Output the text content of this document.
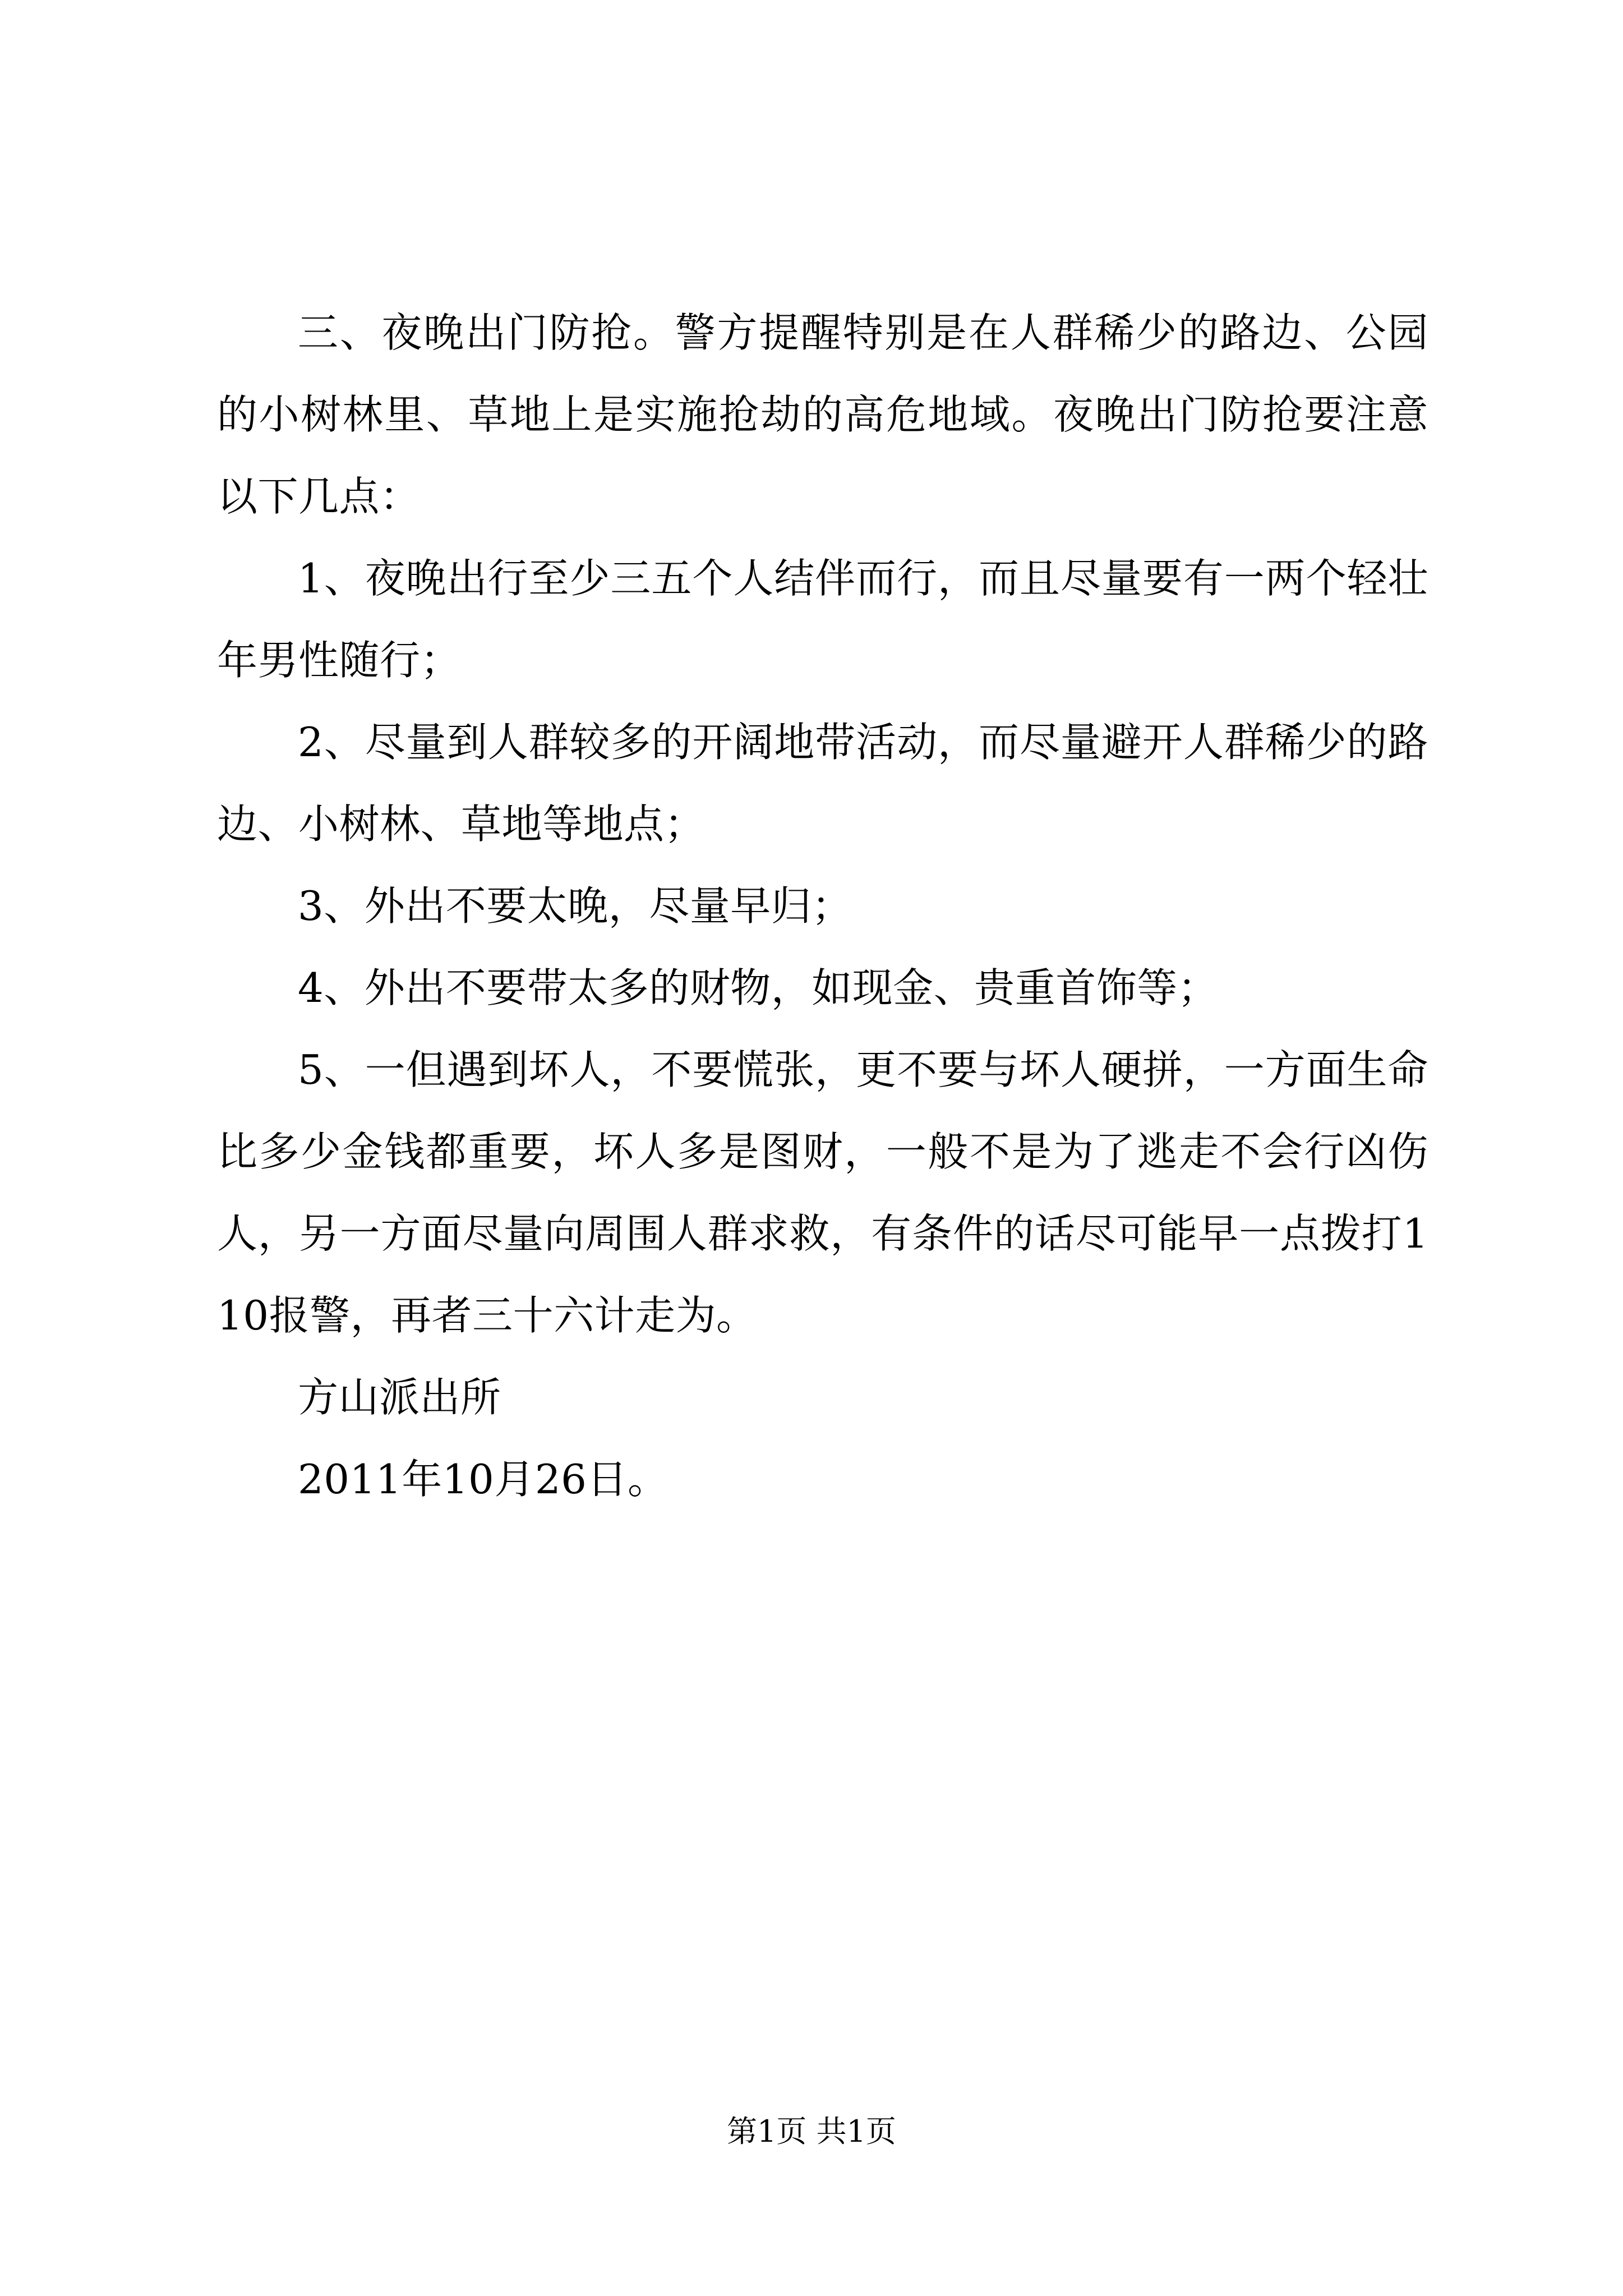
三、夜晚出门防抢。警方提醒特别是在人群稀少的路边、公园的小树林里、草地上是实施抢劫的高危地域。夜晚出门防抢要注意以下几点：

1、夜晚出行至少三五个人结伴而行，而且尽量要有一两个轻壮年男性随行；

2、尽量到人群较多的开阔地带活动，而尽量避开人群稀少的路边、小树林、草地等地点；

3、外出不要太晚，尽量早归；

4、外出不要带太多的财物，如现金、贵重首饰等；

5、一但遇到坏人，不要慌张，更不要与坏人硬拼，一方面生命比多少金钱都重要，坏人多是图财，一般不是为了逃走不会行凶伤人，另一方面尽量向周围人群求救，有条件的话尽可能早一点拨打110报警，再者三十六计走为。

方山派出所

2011年10月26日。

第1页 共1页
